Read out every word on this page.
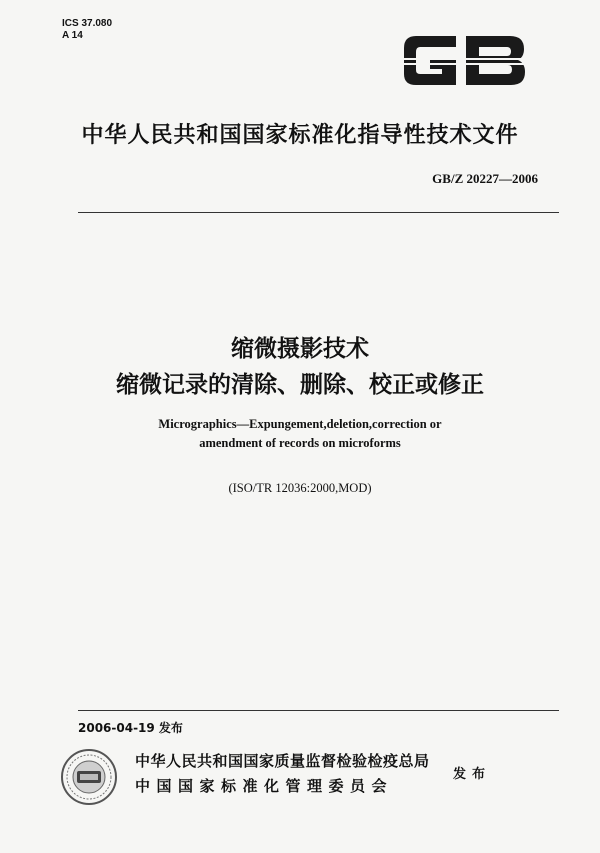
ICS 37.080
A 14
中华人民共和国国家标准化指导性技术文件
GB/Z 20227—2006
缩微摄影技术
缩微记录的清除、删除、校正或修正
Micrographics—Expungement,deletion,correction or
amendment of records on microforms
(ISO/TR 12036:2000,MOD)
2006-04-19 发布
中华人民共和国国家质量监督检验检疫总局
中国国家标准化管理委员会
发布
